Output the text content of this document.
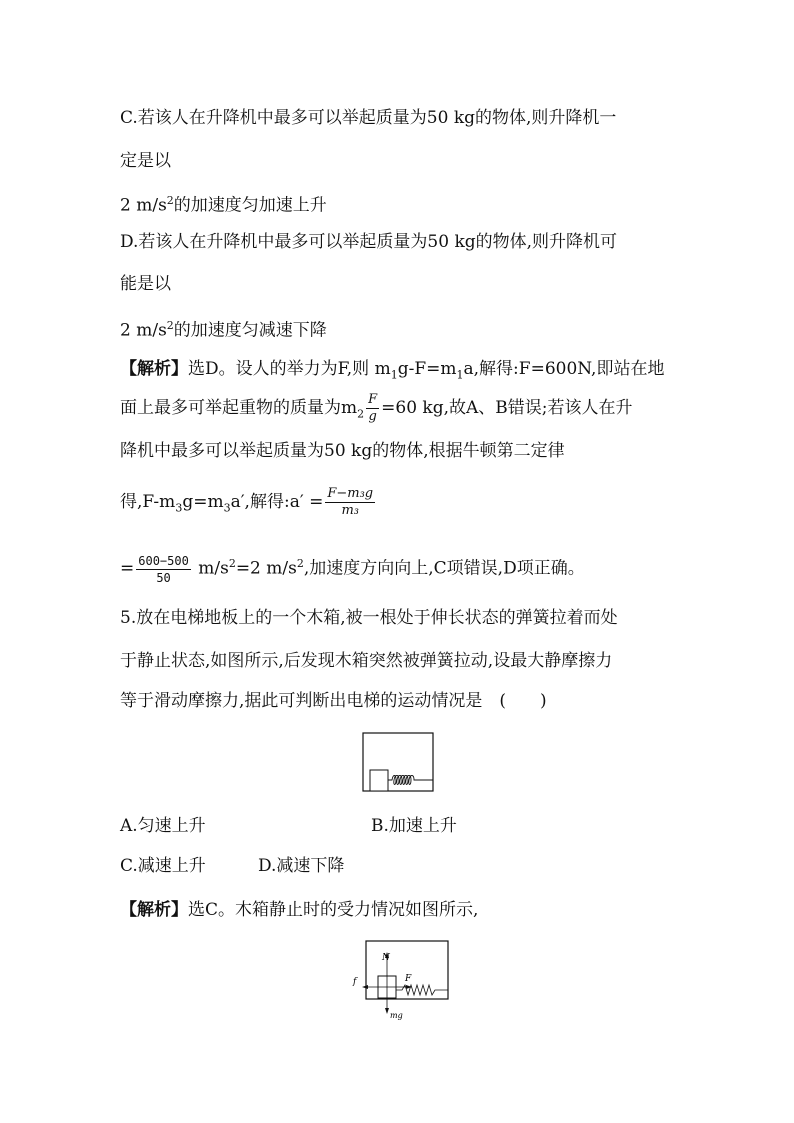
C.若该人在升降机中最多可以举起质量为50 kg的物体,则升降机一
定是以
2 $m/s^2$的加速度匀加速上升
D.若该人在升降机中最多可以举起质量为50 kg的物体,则升降机可
能是以
2 $m/s^2$的加速度匀减速下降
【解析】选D。设人的举力为F,则 $m_1g-F=m_1a$,解得:F=600N,即站在地
面上最多可举起重物的质量为$m_2 \frac{F}{g} =60$ kg,故A、B错误;若该人在升
降机中最多可以举起质量为50 kg的物体,根据牛顿第二定律
得$,F-m_3g=m_3a'$,解得:a′ = $\frac{\text{F−m₃g}}{\text{m₃}}$
= $\frac{600-500}{50} m/s^2=2$ $m/s^2$,加速度方向向上,C项错误,D项正确。
5.放在电梯地板上的一个木箱,被一根处于伸长状态的弹簧拉着而处
于静止状态,如图所示,后发现木箱突然被弹簧拉动,设最大静摩擦力
等于滑动摩擦力,据此可判断出电梯的运动情况是　(　　)
A.匀速上升	B.加速上升
C.减速上升	D.减速下降
【解析】选C。木箱静止时的受力情况如图所示,
N
F
f
mg
